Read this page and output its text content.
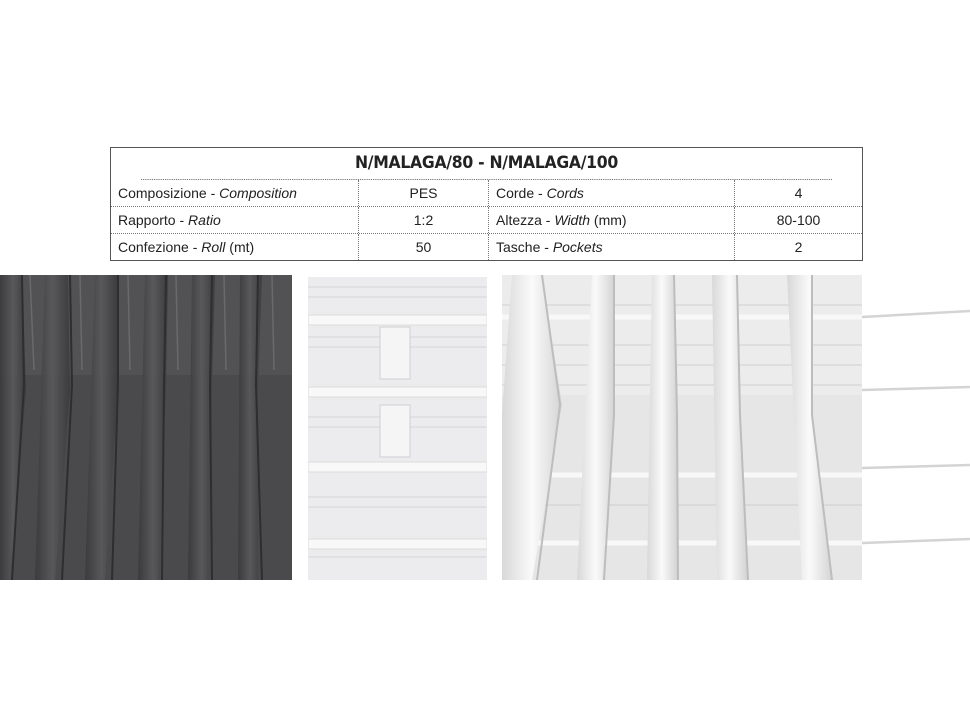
N/MALAGA/80 - N/MALAGA/100
Composizione - Composition	PES	Corde - Cords	4
Rapporto - Ratio	1:2	Altezza - Width (mm)	80-100
Confezione - Roll (mt)	50	Tasche - Pockets	2
